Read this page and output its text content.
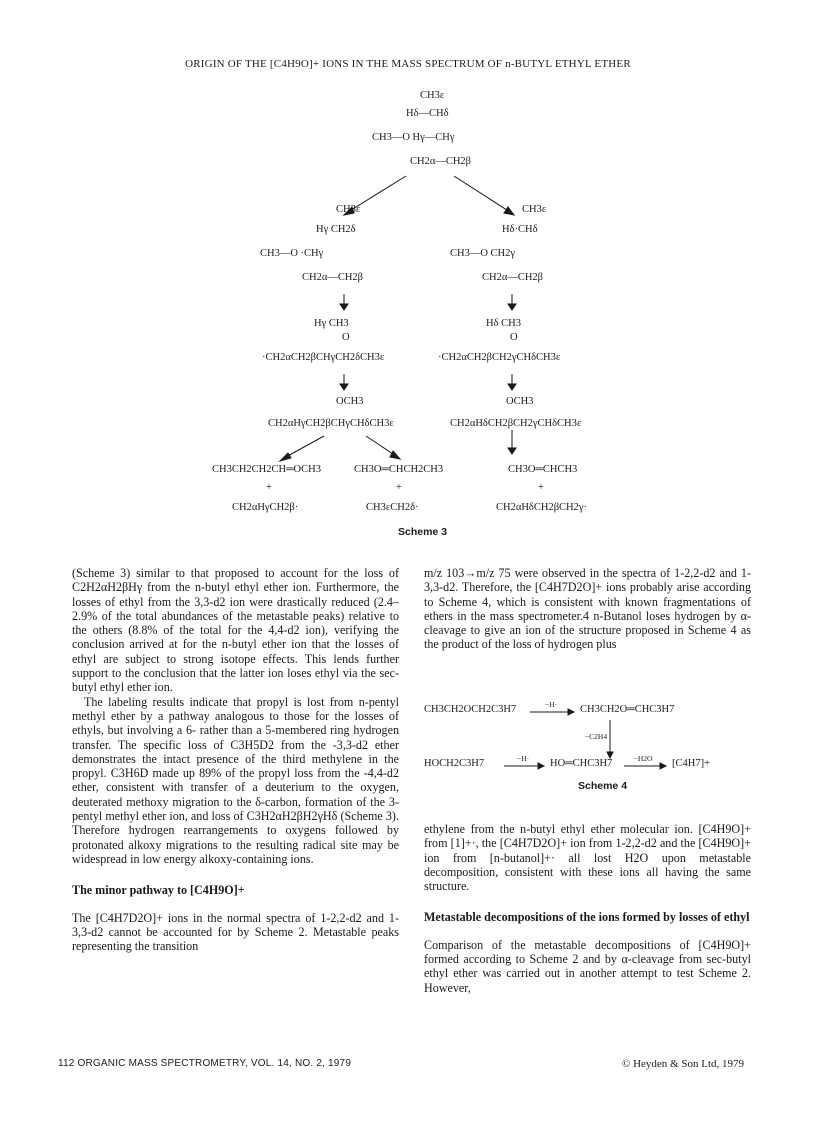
ORIGIN OF THE [C4H9O]+ IONS IN THE MASS SPECTRUM OF n-BUTYL ETHYL ETHER
CH3ε
Hδ—CHδ
CH3—O Hγ—CHγ
CH2α—CH2β
CH3ε
Hγ CH2δ
CH3—O ·CHγ
CH2α—CH2β
CH3ε
Hδ·CHδ
CH3—O CH2γ
CH2α—CH2β
Hγ CH3
O
·CH2αCH2βCHγCH2δCH3ε
Hδ CH3
O
·CH2αCH2βCH2γCHδCH3ε
OCH3
CH2αHγCH2βCHγCHδCH3ε
OCH3
CH2αHδCH2βCH2γCHδCH3ε
CH3CH2CH2CH═OCH3
+
CH2αHγCH2β·
CH3O═CHCH2CH3
+
CH3εCH2δ·
CH3O═CHCH3
+
CH2αHδCH2βCH2γ·
Scheme 3

(Scheme 3) similar to that proposed to account for the loss of C2H2αH2βHγ from the n-butyl ethyl ether ion. Furthermore, the losses of ethyl from the 3,3-d2 ion were drastically reduced (2.4–2.9% of the total abundances of the metastable peaks) relative to the others (8.8% of the total for the 4,4-d2 ion), verifying the conclusion arrived at for the n-butyl ether ion that the losses of ethyl are subject to strong isotope effects. This lends further support to the conclusion that the latter ion loses ethyl via the sec-butyl ethyl ether ion.

The labeling results indicate that propyl is lost from n-pentyl methyl ether by a pathway analogous to those for the losses of ethyls, but involving a 6- rather than a 5-membered ring hydrogen transfer. The specific loss of C3H5D2 from the -3,3-d2 ether demonstrates the intact presence of the third methylene in the propyl. C3H6D made up 89% of the propyl loss from the -4,4-d2 ether, consistent with transfer of a deuterium to the oxygen, deuterated methoxy migration to the δ-carbon, formation of the 3-pentyl methyl ether ion, and loss of C3H2αH2βH2γHδ (Scheme 3). Therefore hydrogen rearrangements to oxygens followed by protonated alkoxy migrations to the resulting radical site may be widespread in low energy alkoxy-containing ions.

The minor pathway to [C4H9O]+

The [C4H7D2O]+ ions in the normal spectra of 1-2,2-d2 and 1-3,3-d2 cannot be accounted for by Scheme 2. Metastable peaks representing the transition

m/z 103→m/z 75 were observed in the spectra of 1-2,2-d2 and 1-3,3-d2. Therefore, the [C4H7D2O]+ ions probably arise according to Scheme 4, which is consistent with known fragmentations of ethers in the mass spectrometer.4 n-Butanol loses hydrogen by α-cleavage to give an ion of the structure proposed in Scheme 4 as the product of the loss of hydrogen plus

CH3CH2OCH2C3H7	−H·	CH3CH2O═CHC3H7
−C2H4
HOCH2C3H7	−H·	HO═CHC3H7	−H2O	[C4H7]+
Scheme 4

ethylene from the n-butyl ethyl ether molecular ion. [C4H9O]+ from [1]+·, the [C4H7D2O]+ ion from 1-2,2-d2 and the [C4H9O]+ ion from [n-butanol]+· all lost H2O upon metastable decomposition, consistent with these ions all having the same structure.

Metastable decompositions of the ions formed by losses of ethyl

Comparison of the metastable decompositions of [C4H9O]+ formed according to Scheme 2 and by α-cleavage from sec-butyl ethyl ether was carried out in another attempt to test Scheme 2. However,

112 ORGANIC MASS SPECTROMETRY, VOL. 14, NO. 2, 1979	© Heyden & Son Ltd, 1979
